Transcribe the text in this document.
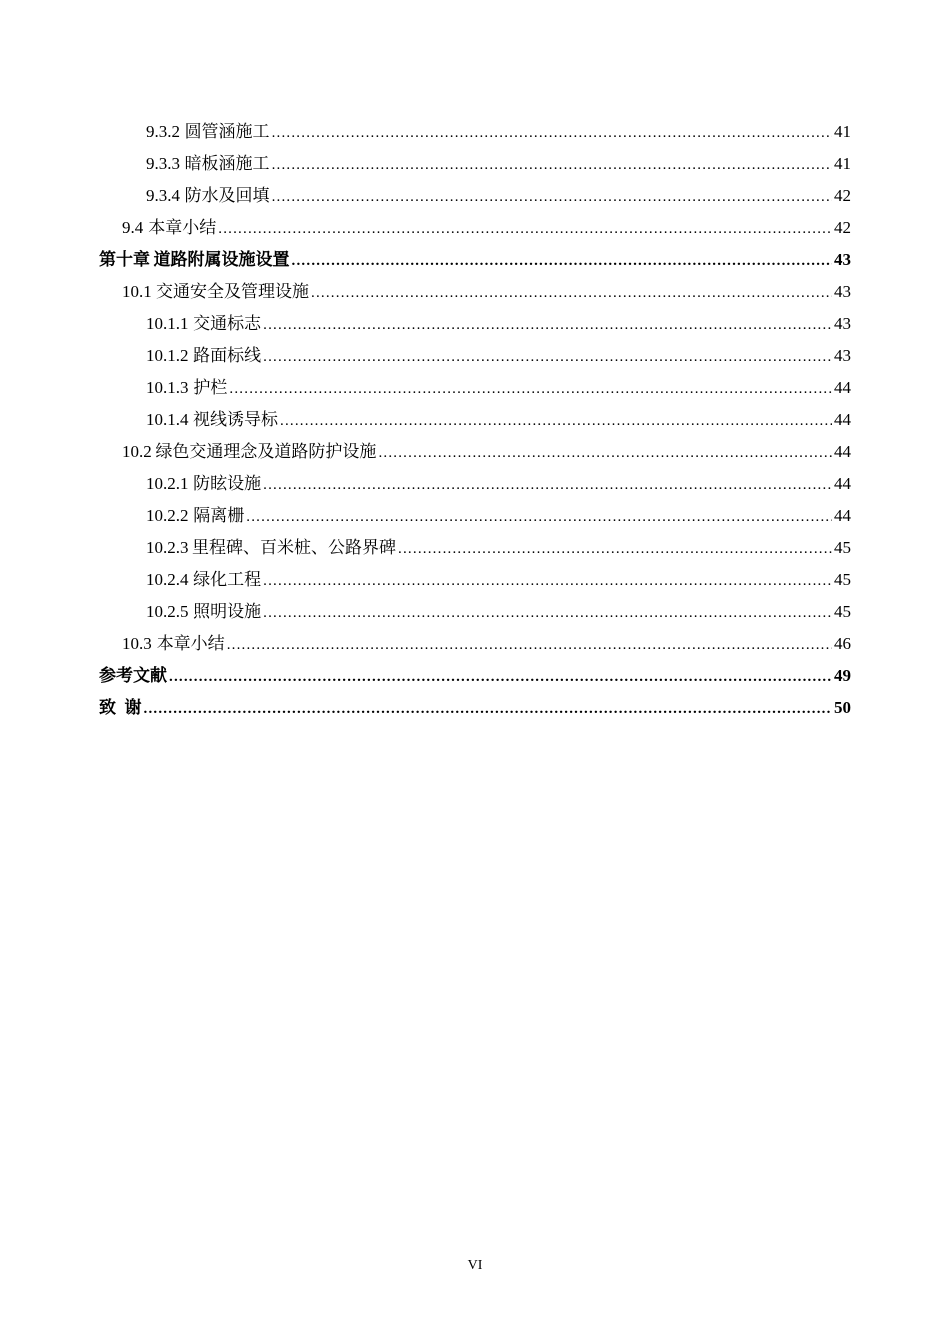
9.3.2 圆管涵施工 .....	41
9.3.3 暗板涵施工 .....	41
9.3.4 防水及回填 .....	42
9.4 本章小结 .....	42
第十章 道路附属设施设置 .....	43
10.1 交通安全及管理设施 .....	43
10.1.1 交通标志 .....	43
10.1.2 路面标线 .....	43
10.1.3 护栏 .....	44
10.1.4 视线诱导标 .....	44
10.2 绿色交通理念及道路防护设施 .....	44
10.2.1 防眩设施 .....	44
10.2.2 隔离栅 .....	44
10.2.3 里程碑、百米桩、公路界碑 .....	45
10.2.4 绿化工程 .....	45
10.2.5 照明设施 .....	45
10.3 本章小结 .....	46
参考文献 .....	49
致  谢 .....	50
VI
